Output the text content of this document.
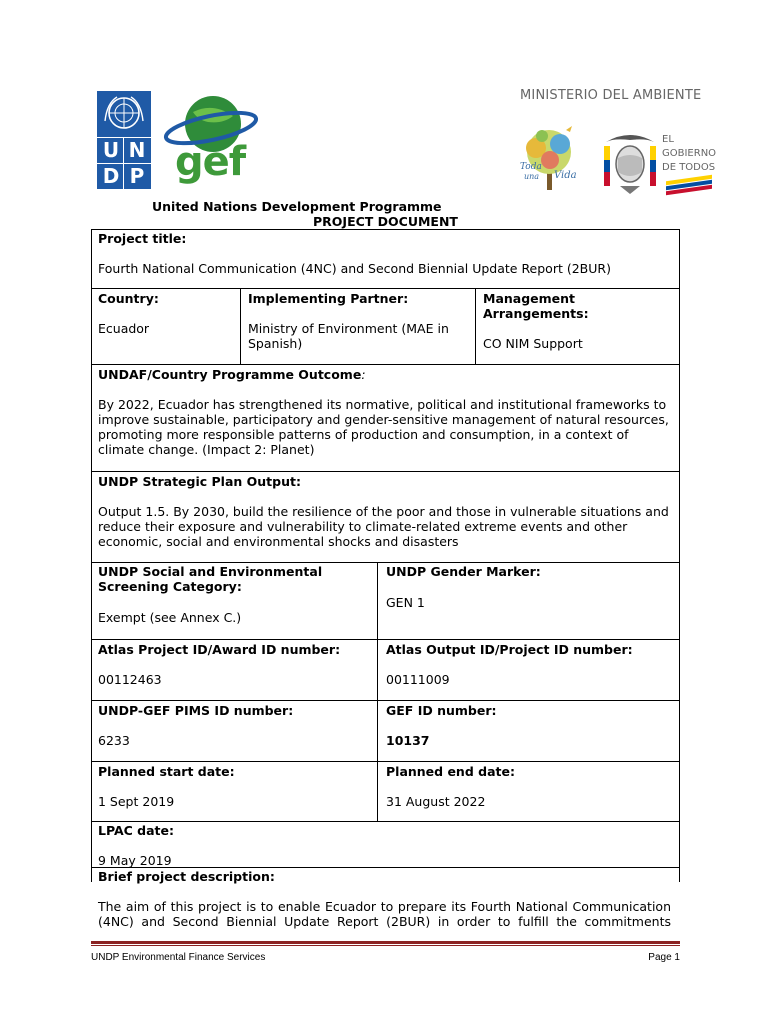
U N
D P gef
MINISTERIO DEL AMBIENTE
Toda
una Vida
EL
GOBIERNO
DE TODOS
United Nations Development Programme
PROJECT DOCUMENT
Project title:
Fourth National Communication (4NC) and Second Biennial Update Report (2BUR)
Country:
Ecuador
Implementing Partner:
Ministry of Environment (MAE in Spanish)
Management Arrangements:
CO NIM Support
UNDAF/Country Programme Outcome:
By 2022, Ecuador has strengthened its normative, political and institutional frameworks to improve sustainable, participatory and gender-sensitive management of natural resources, promoting more responsible patterns of production and consumption, in a context of climate change. (Impact 2: Planet)
UNDP Strategic Plan Output:
Output 1.5. By 2030, build the resilience of the poor and those in vulnerable situations and reduce their exposure and vulnerability to climate-related extreme events and other economic, social and environmental shocks and disasters
UNDP Social and Environmental Screening Category:
Exempt (see Annex C.)
UNDP Gender Marker:
GEN 1
Atlas Project ID/Award ID number:
00112463
Atlas Output ID/Project ID number:
00111009
UNDP-GEF PIMS ID number:
6233
GEF ID number:
10137
Planned start date:
1 Sept 2019
Planned end date:
31 August 2022
LPAC date:
9 May 2019
Brief project description:
The aim of this project is to enable Ecuador to prepare its Fourth National Communication
(4NC) and Second Biennial Update Report (2BUR) in order to fulfill the commitments
UNDP Environmental Finance Services	Page 1
